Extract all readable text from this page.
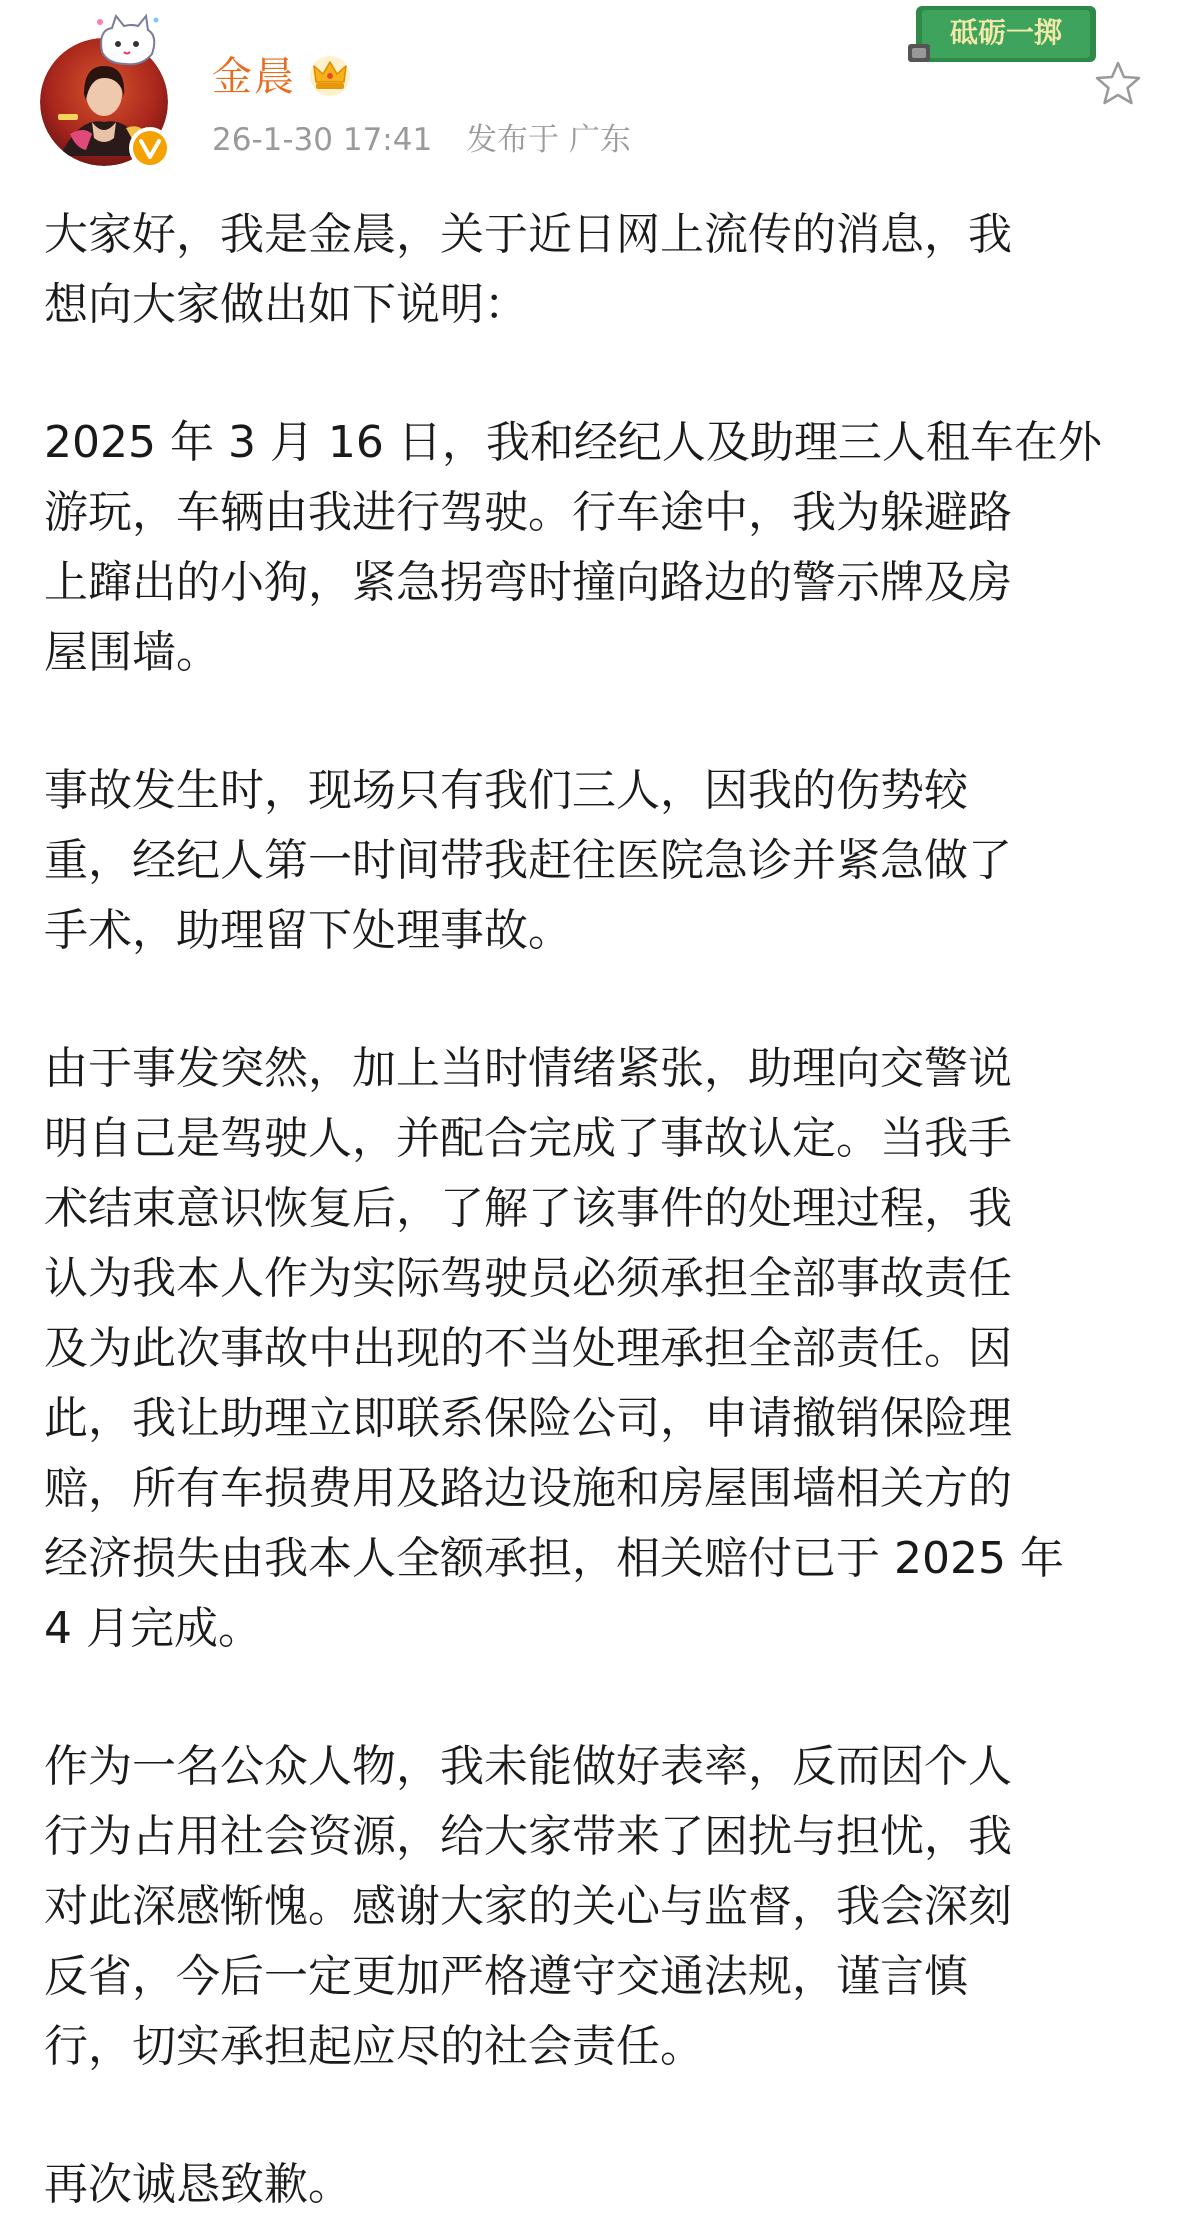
金晨
26-1-30 17:41 发布于 广东
砥砺一掷

大家好，我是金晨，关于近日网上流传的消息，我
想向大家做出如下说明：

2025 年 3 月 16 日，我和经纪人及助理三人租车在外
游玩，车辆由我进行驾驶。行车途中，我为躲避路
上蹿出的小狗，紧急拐弯时撞向路边的警示牌及房
屋围墙。

事故发生时，现场只有我们三人，因我的伤势较
重，经纪人第一时间带我赶往医院急诊并紧急做了
手术，助理留下处理事故。

由于事发突然，加上当时情绪紧张，助理向交警说
明自己是驾驶人，并配合完成了事故认定。当我手
术结束意识恢复后，了解了该事件的处理过程，我
认为我本人作为实际驾驶员必须承担全部事故责任
及为此次事故中出现的不当处理承担全部责任。因
此，我让助理立即联系保险公司，申请撤销保险理
赔，所有车损费用及路边设施和房屋围墙相关方的
经济损失由我本人全额承担，相关赔付已于 2025 年
4 月完成。

作为一名公众人物，我未能做好表率，反而因个人
行为占用社会资源，给大家带来了困扰与担忧，我
对此深感惭愧。感谢大家的关心与监督，我会深刻
反省，今后一定更加严格遵守交通法规，谨言慎
行，切实承担起应尽的社会责任。

再次诚恳致歉。
